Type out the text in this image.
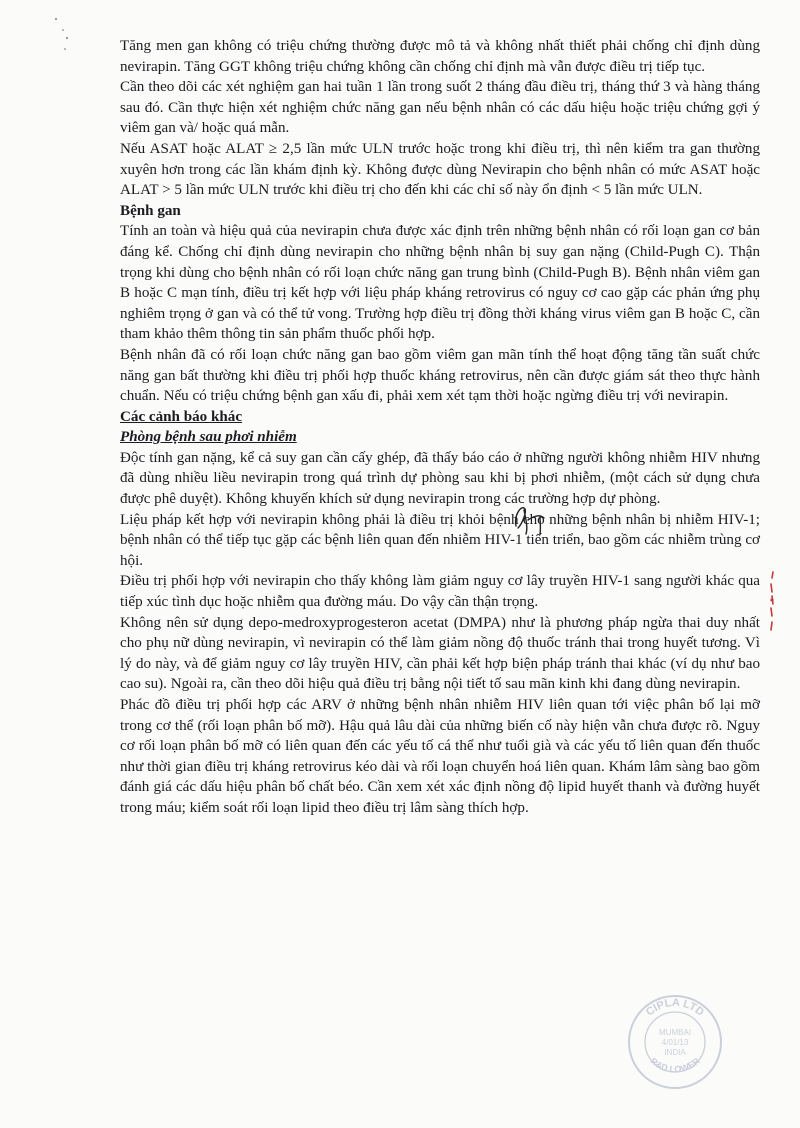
Tăng men gan không có triệu chứng thường được mô tả và không nhất thiết phải chống chỉ định dùng nevirapin. Tăng GGT không triệu chứng không cần chống chỉ định mà vẫn được điều trị tiếp tục.

Cần theo dõi các xét nghiệm gan hai tuần 1 lần trong suốt 2 tháng đầu điều trị, tháng thứ 3 và hàng tháng sau đó. Cần thực hiện xét nghiệm chức năng gan nếu bệnh nhân có các dấu hiệu hoặc triệu chứng gợi ý viêm gan và/ hoặc quá mẫn.

Nếu ASAT hoặc ALAT ≥ 2,5 lần mức ULN trước hoặc trong khi điều trị, thì nên kiểm tra gan thường xuyên hơn trong các lần khám định kỳ. Không được dùng Nevirapin cho bệnh nhân có mức ASAT hoặc ALAT > 5 lần mức ULN trước khi điều trị cho đến khi các chỉ số này ổn định < 5 lần mức ULN.

Bệnh gan

Tính an toàn và hiệu quả của nevirapin chưa được xác định trên những bệnh nhân có rối loạn gan cơ bản đáng kể. Chống chỉ định dùng nevirapin cho những bệnh nhân bị suy gan nặng (Child-Pugh C). Thận trọng khi dùng cho bệnh nhân có rối loạn chức năng gan trung bình (Child-Pugh B). Bệnh nhân viêm gan B hoặc C mạn tính, điều trị kết hợp với liệu pháp kháng retrovirus có nguy cơ cao gặp các phản ứng phụ nghiêm trọng ở gan và có thể tử vong. Trường hợp điều trị đồng thời kháng virus viêm gan B hoặc C, cần tham khảo thêm thông tin sản phẩm thuốc phối hợp.

Bệnh nhân đã có rối loạn chức năng gan bao gồm viêm gan mãn tính thể hoạt động tăng tần suất chức năng gan bất thường khi điều trị phối hợp thuốc kháng retrovirus, nên cần được giám sát theo thực hành chuẩn. Nếu có triệu chứng bệnh gan xấu đi, phải xem xét tạm thời hoặc ngừng điều trị với nevirapin.

Các cảnh báo khác

Phòng bệnh sau phơi nhiễm

Độc tính gan nặng, kể cả suy gan cần cấy ghép, đã thấy báo cáo ở những người không nhiễm HIV nhưng đã dùng nhiều liều nevirapin trong quá trình dự phòng sau khi bị phơi nhiễm, (một cách sử dụng chưa được phê duyệt). Không khuyến khích sử dụng nevirapin trong các trường hợp dự phòng.

Liệu pháp kết hợp với nevirapin không phải là điều trị khỏi bệnh cho những bệnh nhân bị nhiễm HIV-1; bệnh nhân có thể tiếp tục gặp các bệnh liên quan đến nhiễm HIV-1 tiến triển, bao gồm các nhiễm trùng cơ hội.

Điều trị phối hợp với nevirapin cho thấy không làm giảm nguy cơ lây truyền HIV-1 sang người khác qua tiếp xúc tình dục hoặc nhiễm qua đường máu. Do vậy cần thận trọng.

Không nên sử dụng depo-medroxyprogesteron acetat (DMPA) như là phương pháp ngừa thai duy nhất cho phụ nữ dùng nevirapin, vì nevirapin có thể làm giảm nồng độ thuốc tránh thai trong huyết tương. Vì lý do này, và để giảm nguy cơ lây truyền HIV, cần phải kết hợp biện pháp tránh thai khác (ví dụ như bao cao su). Ngoài ra, cần theo dõi hiệu quả điều trị bằng nội tiết tố sau mãn kinh khi đang dùng nevirapin.

Phác đồ điều trị phối hợp các ARV ở những bệnh nhân nhiễm HIV liên quan tới việc phân bố lại mỡ trong cơ thể (rối loạn phân bố mỡ). Hậu quả lâu dài của những biến cố này hiện vẫn chưa được rõ. Nguy cơ rối loạn phân bố mỡ có liên quan đến các yếu tố cá thể như tuổi già và các yếu tố liên quan đến thuốc như thời gian điều trị kháng retrovirus kéo dài và rối loạn chuyển hoá liên quan. Khám lâm sàng bao gồm đánh giá các dấu hiệu phân bố chất béo. Cần xem xét xác định nồng độ lipid huyết thanh và đường huyết trong máu; kiểm soát rối loạn lipid theo điều trị lâm sàng thích hợp.

CIPLA LTD
R&D LOWER
MUMBAI
4/01/13
INDIA
